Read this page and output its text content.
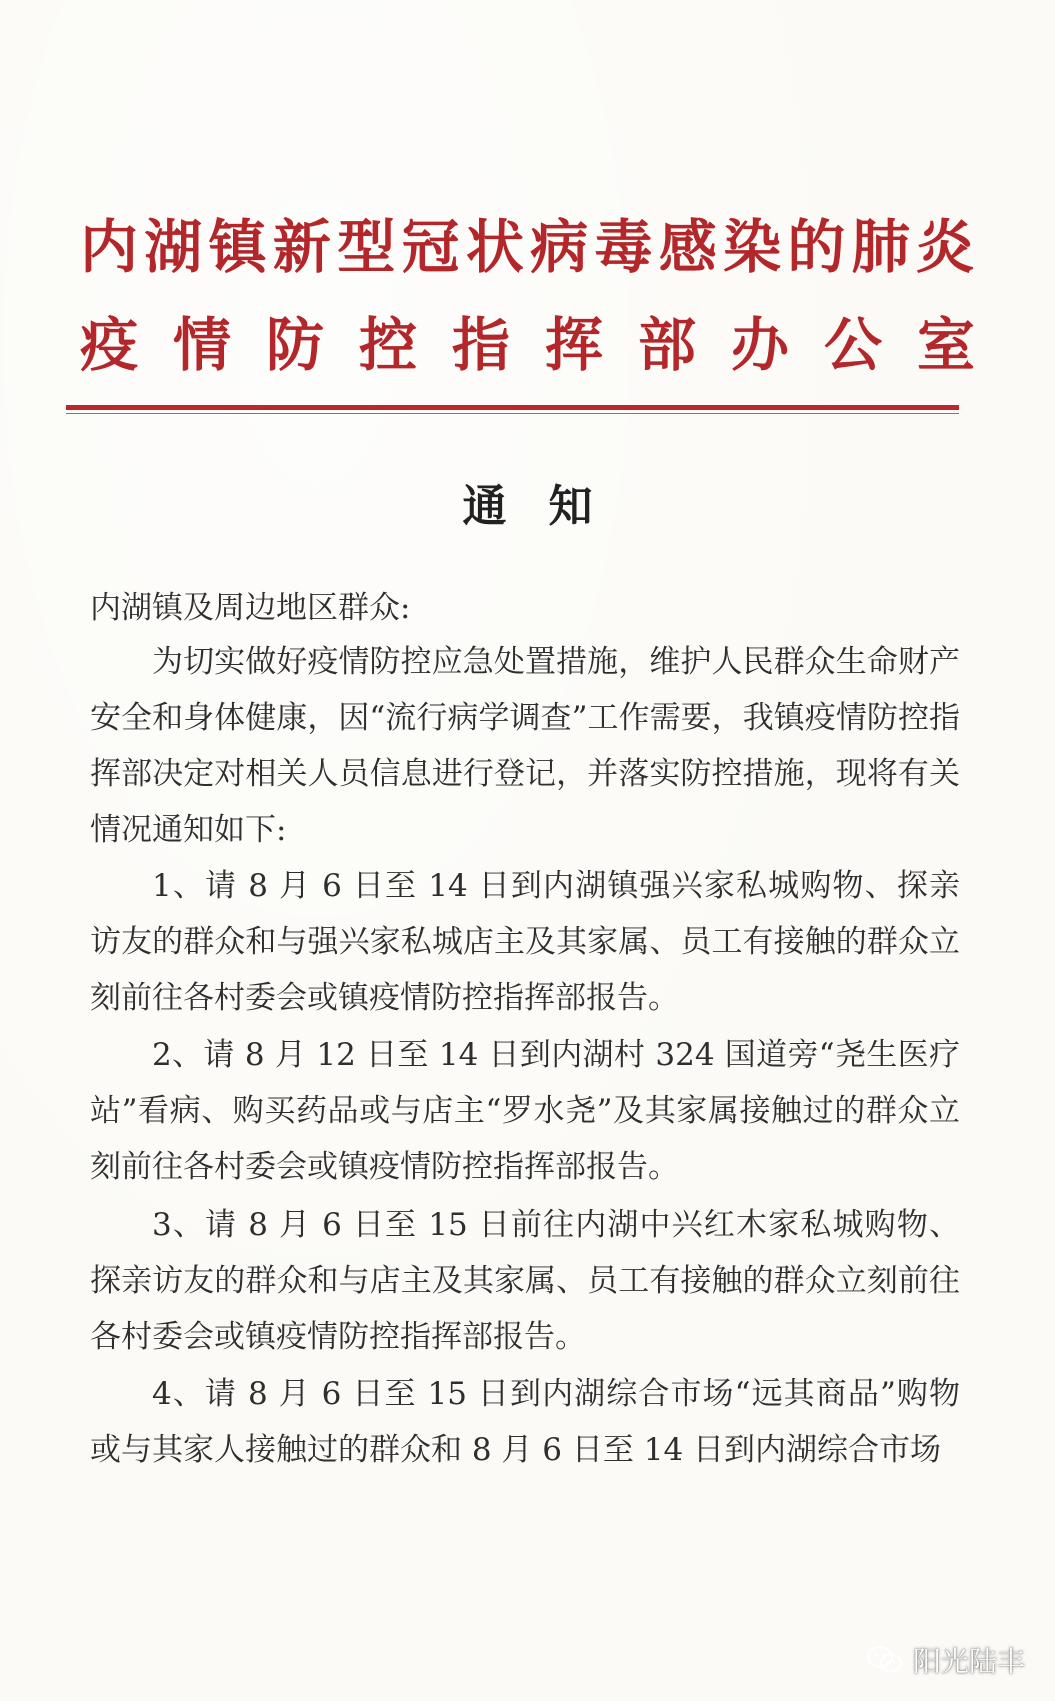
内湖镇新型冠状病毒感染的肺炎
疫情防控指挥部办公室
通知
内湖镇及周边地区群众:

为切实做好疫情防控应急处置措施，维护人民群众生命财产安全和身体健康，因“流行病学调查”工作需要，我镇疫情防控指挥部决定对相关人员信息进行登记，并落实防控措施，现将有关情况通知如下:

1、请 8 月 6 日至 14 日到内湖镇强兴家私城购物、探亲访友的群众和与强兴家私城店主及其家属、员工有接触的群众立刻前往各村委会或镇疫情防控指挥部报告。

2、请 8 月 12 日至 14 日到内湖村 324 国道旁“尧生医疗站”看病、购买药品或与店主“罗水尧”及其家属接触过的群众立刻前往各村委会或镇疫情防控指挥部报告。

3、请 8 月 6 日至 15 日前往内湖中兴红木家私城购物、探亲访友的群众和与店主及其家属、员工有接触的群众立刻前往各村委会或镇疫情防控指挥部报告。

4、请 8 月 6 日至 15 日到内湖综合市场“远其商品”购物或与其家人接触过的群众和 8 月 6 日至 14 日到内湖综合市场

阳光陆丰
